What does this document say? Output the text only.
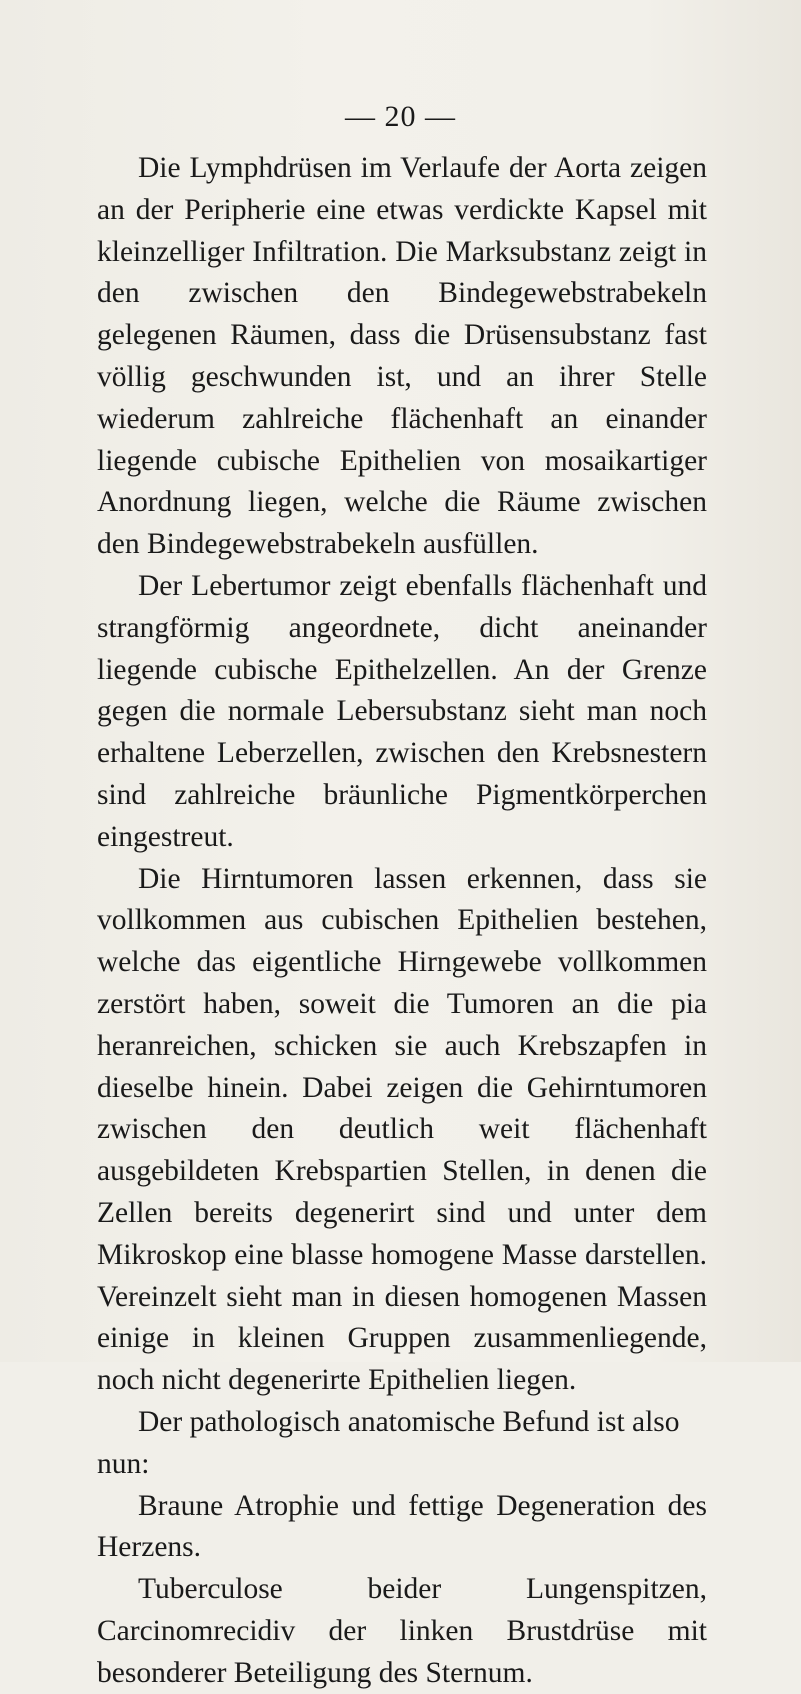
— 20 —

Die Lymphdrüsen im Verlaufe der Aorta zeigen an der Peripherie eine etwas verdickte Kapsel mit kleinzelliger Infiltration. Die Marksubstanz zeigt in den zwischen den Bindegewebstrabekeln gelegenen Räumen, dass die Drüsensubstanz fast völlig geschwunden ist, und an ihrer Stelle wiederum zahlreiche flächenhaft an einander liegende cubische Epithelien von mosaikartiger Anordnung liegen, welche die Räume zwischen den Bindegewebstrabekeln ausfüllen.

Der Lebertumor zeigt ebenfalls flächenhaft und strangförmig angeordnete, dicht aneinander liegende cubische Epithelzellen. An der Grenze gegen die normale Lebersubstanz sieht man noch erhaltene Leberzellen, zwischen den Krebsnestern sind zahlreiche bräunliche Pigmentkörperchen eingestreut.

Die Hirntumoren lassen erkennen, dass sie vollkommen aus cubischen Epithelien bestehen, welche das eigentliche Hirngewebe vollkommen zerstört haben, soweit die Tumoren an die pia heranreichen, schicken sie auch Krebszapfen in dieselbe hinein. Dabei zeigen die Gehirntumoren zwischen den deutlich weit flächenhaft ausgebildeten Krebspartien Stellen, in denen die Zellen bereits degenerirt sind und unter dem Mikroskop eine blasse homogene Masse darstellen. Vereinzelt sieht man in diesen homogenen Massen einige in kleinen Gruppen zusammenliegende, noch nicht degenerirte Epithelien liegen.

Der pathologisch anatomische Befund ist also nun:

Braune Atrophie und fettige Degeneration des Herzens.

Tuberculose beider Lungenspitzen, Carcinomrecidiv der linken Brustdrüse mit besonderer Beteiligung des Sternum.
